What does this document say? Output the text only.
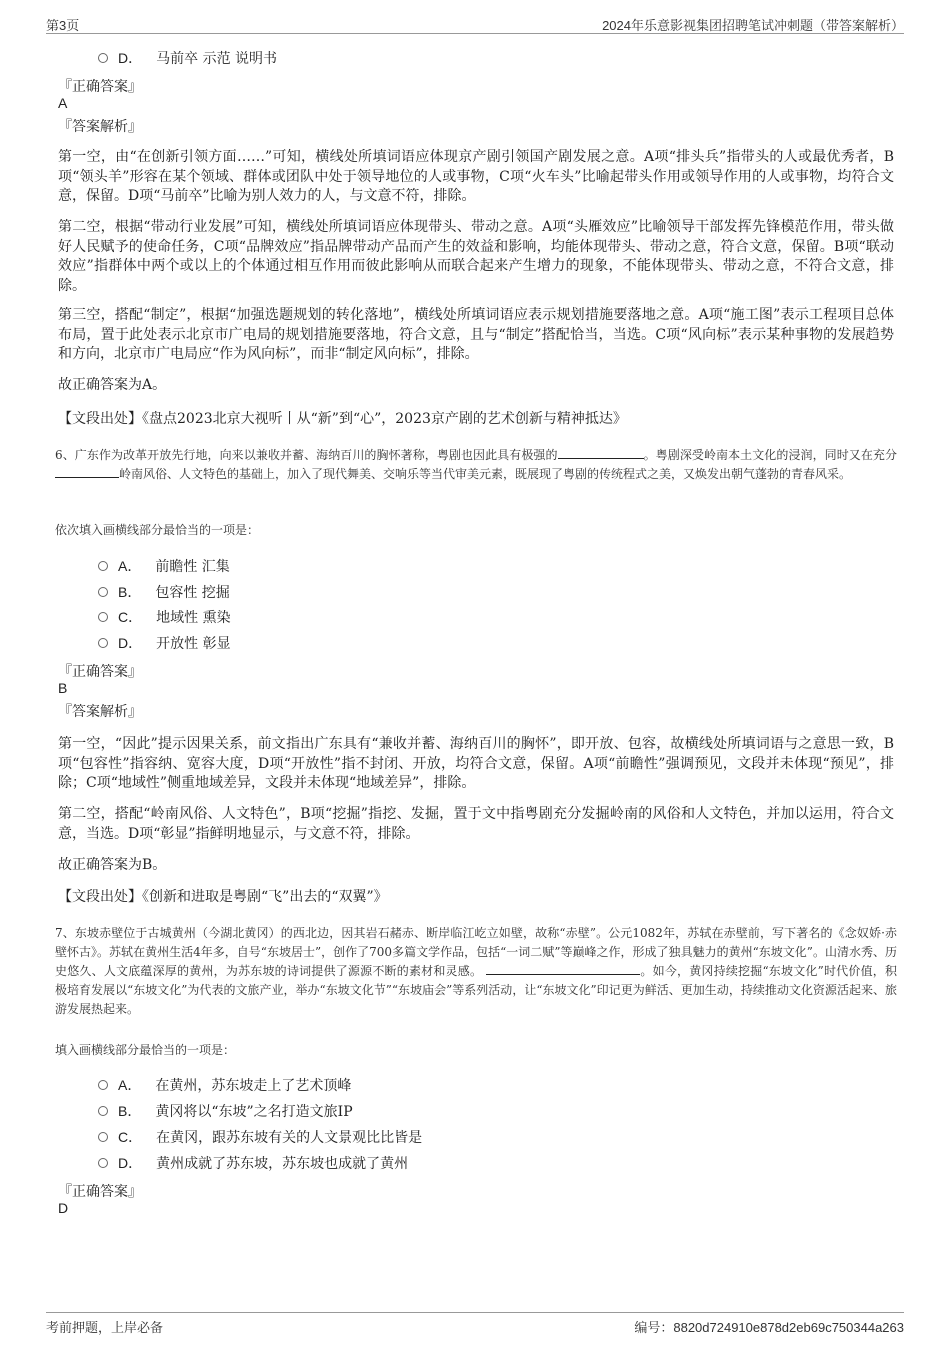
第3页	2024年乐意影视集团招聘笔试冲刺题（带答案解析）
D． 马前卒 示范 说明书
『正确答案』
A
『答案解析』
第一空，由“在创新引领方面……”可知，横线处所填词语应体现京产剧引领国产剧发展之意。A项“排头兵”指带头的人或最优秀者，B项“领头羊”形容在某个领域、群体或团队中处于领导地位的人或事物，C项“火车头”比喻起带头作用或领导作用的人或事物，均符合文意，保留。D项“马前卒”比喻为别人效力的人，与文意不符，排除。
第二空，根据“带动行业发展”可知，横线处所填词语应体现带头、带动之意。A项“头雁效应”比喻领导干部发挥先锋模范作用，带头做好人民赋予的使命任务，C项“品牌效应”指品牌带动产品而产生的效益和影响，均能体现带头、带动之意，符合文意，保留。B项“联动效应”指群体中两个或以上的个体通过相互作用而彼此影响从而联合起来产生增力的现象，不能体现带头、带动之意，不符合文意，排除。
第三空，搭配“制定”，根据“加强选题规划的转化落地”，横线处所填词语应表示规划措施要落地之意。A项“施工图”表示工程项目总体布局，置于此处表示北京市广电局的规划措施要落地，符合文意，且与“制定”搭配恰当，当选。C项“风向标”表示某种事物的发展趋势和方向，北京市广电局应“作为风向标”，而非“制定风向标”，排除。
故正确答案为A。
【文段出处】《盘点2023北京大视听丨从“新”到“心”，2023京产剧的艺术创新与精神抵达》
6、广东作为改革开放先行地，向来以兼收并蓄、海纳百川的胸怀著称，粤剧也因此具有极强的	。粤剧深受岭南本土文化的浸润，同时又在充分岭南风俗、人文特色的基础上，加入了现代舞美、交响乐等当代审美元素，既展现了粤剧的传统程式之美，又焕发出朝气蓬勃的青春风采。
依次填入画横线部分最恰当的一项是：
A． 前瞻性 汇集
B． 包容性 挖掘
C． 地域性 熏染
D． 开放性 彰显
『正确答案』
B
『答案解析』
第一空，“因此”提示因果关系，前文指出广东具有“兼收并蓄、海纳百川的胸怀”，即开放、包容，故横线处所填词语与之意思一致，B项“包容性”指容纳、宽容大度，D项“开放性”指不封闭、开放，均符合文意，保留。A项“前瞻性”强调预见，文段并未体现“预见”，排除；C项“地域性”侧重地域差异，文段并未体现“地域差异”，排除。
第二空，搭配“岭南风俗、人文特色”，B项“挖掘”指挖、发掘，置于文中指粤剧充分发掘岭南的风俗和人文特色，并加以运用，符合文意，当选。D项“彰显”指鲜明地显示，与文意不符，排除。
故正确答案为B。
【文段出处】《创新和进取是粤剧“飞”出去的“双翼”》
7、东坡赤壁位于古城黄州（今湖北黄冈）的西北边，因其岩石赭赤、断岸临江屹立如壁，故称“赤壁”。公元1082年，苏轼在赤壁前，写下著名的《念奴娇·赤壁怀古》。苏轼在黄州生活4年多，自号“东坡居士”，创作了700多篇文学作品，包括“一词二赋”等巅峰之作，形成了独具魅力的黄州“东坡文化”。山清水秀、历史悠久、人文底蕴深厚的黄州，为苏东坡的诗词提供了源源不断的素材和灵感。	。如今，黄冈持续挖掘“东坡文化”时代价值，积极培育发展以“东坡文化”为代表的文旅产业，举办“东坡文化节”“东坡庙会”等系列活动，让“东坡文化”印记更为鲜活、更加生动，持续推动文化资源活起来、旅游发展热起来。
填入画横线部分最恰当的一项是：
A． 在黄州，苏东坡走上了艺术顶峰
B． 黄冈将以“东坡”之名打造文旅IP
C． 在黄冈，跟苏东坡有关的人文景观比比皆是
D． 黄州成就了苏东坡，苏东坡也成就了黄州
『正确答案』
D
考前押题，上岸必备	编号：8820d724910e878d2eb69c750344a263
